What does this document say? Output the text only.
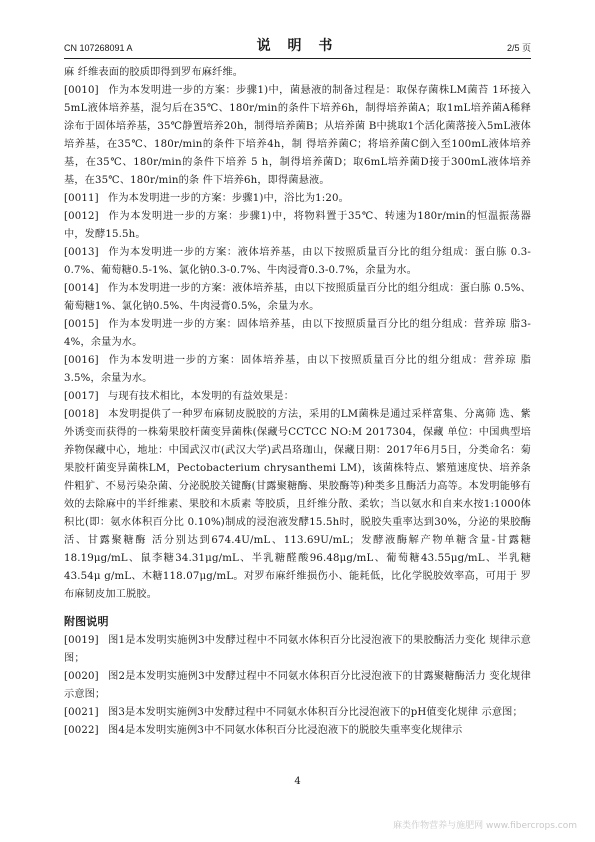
CN 107268091 A	说 明 书	2/5 页

麻 纤维表面的胶质即得到罗布麻纤维。

[0010] 作为本发明进一步的方案：步骤1)中，菌悬液的制备过程是：取保存菌株LM菌苔 1环接入5mL液体培养基，混匀后在35℃、180r/min的条件下培养6h，制得培养菌A；取1mL培养菌A稀释涂布于固体培养基，35℃静置培养20h，制得培养菌B；从培养菌 B中挑取1个活化菌落接入5mL液体培养基，在35℃、180r/min的条件下培养4h，制 得培养菌C；将培养菌C倒入至100mL液体培养基，在35℃、180r/min的条件下培养 5 h，制得培养菌D；取6mL培养菌D接于300mL液体培养基，在35℃、180r/min的条 件下培养6h，即得菌悬液。

[0011] 作为本发明进一步的方案：步骤1)中，浴比为1:20。

[0012] 作为本发明进一步的方案：步骤1)中，将物料置于35℃、转速为180r/min的恒温振荡器中，发酵15.5h。

[0013] 作为本发明进一步的方案：液体培养基，由以下按照质量百分比的组分组成：蛋白胨 0.3-0.7%、葡萄糖0.5-1%、氯化钠0.3-0.7%、牛肉浸膏0.3-0.7%，余量为水。

[0014] 作为本发明进一步的方案：液体培养基，由以下按照质量百分比的组分组成：蛋白胨 0.5%、葡萄糖1%、氯化钠0.5%、牛肉浸膏0.5%，余量为水。

[0015] 作为本发明进一步的方案：固体培养基，由以下按照质量百分比的组分组成：营养琼 脂3-4%，余量为水。

[0016] 作为本发明进一步的方案：固体培养基，由以下按照质量百分比的组分组成：营养琼 脂3.5%，余量为水。

[0017] 与现有技术相比，本发明的有益效果是：

[0018] 本发明提供了一种罗布麻韧皮脱胶的方法，采用的LM菌株是通过采样富集、分离筛 选、紫外诱变而获得的一株菊果胶杆菌变异菌株(保藏号CCTCC NO:M 2017304，保藏 单位：中国典型培养物保藏中心，地址：中国武汉市(武汉大学)武昌珞珈山，保藏日期：2017年6月5日，分类命名：菊果胶杆菌变异菌株LM，Pectobacterium chrysanthemi LM)，该菌株特点、繁殖速度快、培养条件粗犷、不易污染杂菌、分泌脱胶关键酶(甘露聚糖酶、果胶酶等)种类多且酶活力高等。本发明能够有效的去除麻中的半纤维素、果胶和木质素 等胶质，且纤维分散、柔软；当以氨水和自来水按1:1000体积比(即：氨水体积百分比 0.10%)制成的浸泡液发酵15.5h时，脱胶失重率达到30%，分泌的果胶酶活、甘露聚糖酶 活分别达到674.4U/mL、113.69U/mL；发酵液酶解产物单糖含量-甘露糖18.19μg/mL、鼠李糖34.31μg/mL、半乳糖醛酸96.48μg/mL、葡萄糖43.55μg/mL、半乳糖43.54μ g/mL、木糖118.07μg/mL。对罗布麻纤维损伤小、能耗低，比化学脱胶效率高，可用于 罗布麻韧皮加工脱胶。

附图说明

[0019] 图1是本发明实施例3中发酵过程中不同氨水体积百分比浸泡液下的果胶酶活力变化 规律示意图；

[0020] 图2是本发明实施例3中发酵过程中不同氨水体积百分比浸泡液下的甘露聚糖酶活力 变化规律示意图；

[0021] 图3是本发明实施例3中发酵过程中不同氨水体积百分比浸泡液下的pH值变化规律 示意图；

[0022] 图4是本发明实施例3中不同氨水体积百分比浸泡液下的脱胶失重率变化规律示

4
麻类作物营养与施肥网 www.fibercrops.com
